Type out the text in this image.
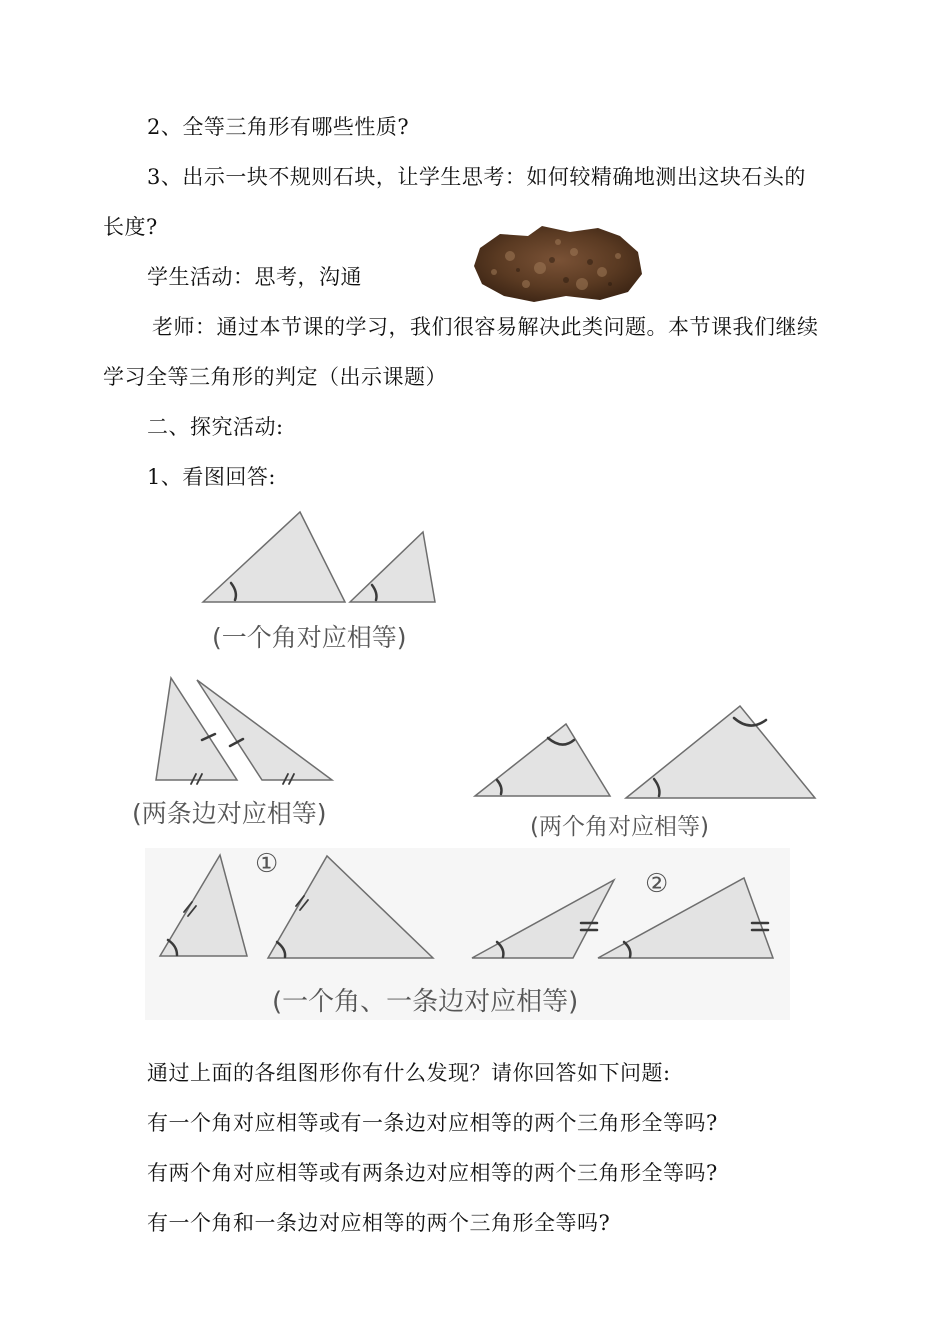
2、全等三角形有哪些性质?
3、出示一块不规则石块，让学生思考：如何较精确地测出这块石头的
长度?
学生活动：思考，沟通
老师：通过本节课的学习，我们很容易解决此类问题。本节课我们继续
学习全等三角形的判定（出示课题）
二、探究活动:
1、看图回答:
(一个角对应相等)
(两条边对应相等)	(两个角对应相等)
(一个角、一条边对应相等)
①
②
通过上面的各组图形你有什么发现？请你回答如下问题:
有一个角对应相等或有一条边对应相等的两个三角形全等吗?
有两个角对应相等或有两条边对应相等的两个三角形全等吗?
有一个角和一条边对应相等的两个三角形全等吗?
